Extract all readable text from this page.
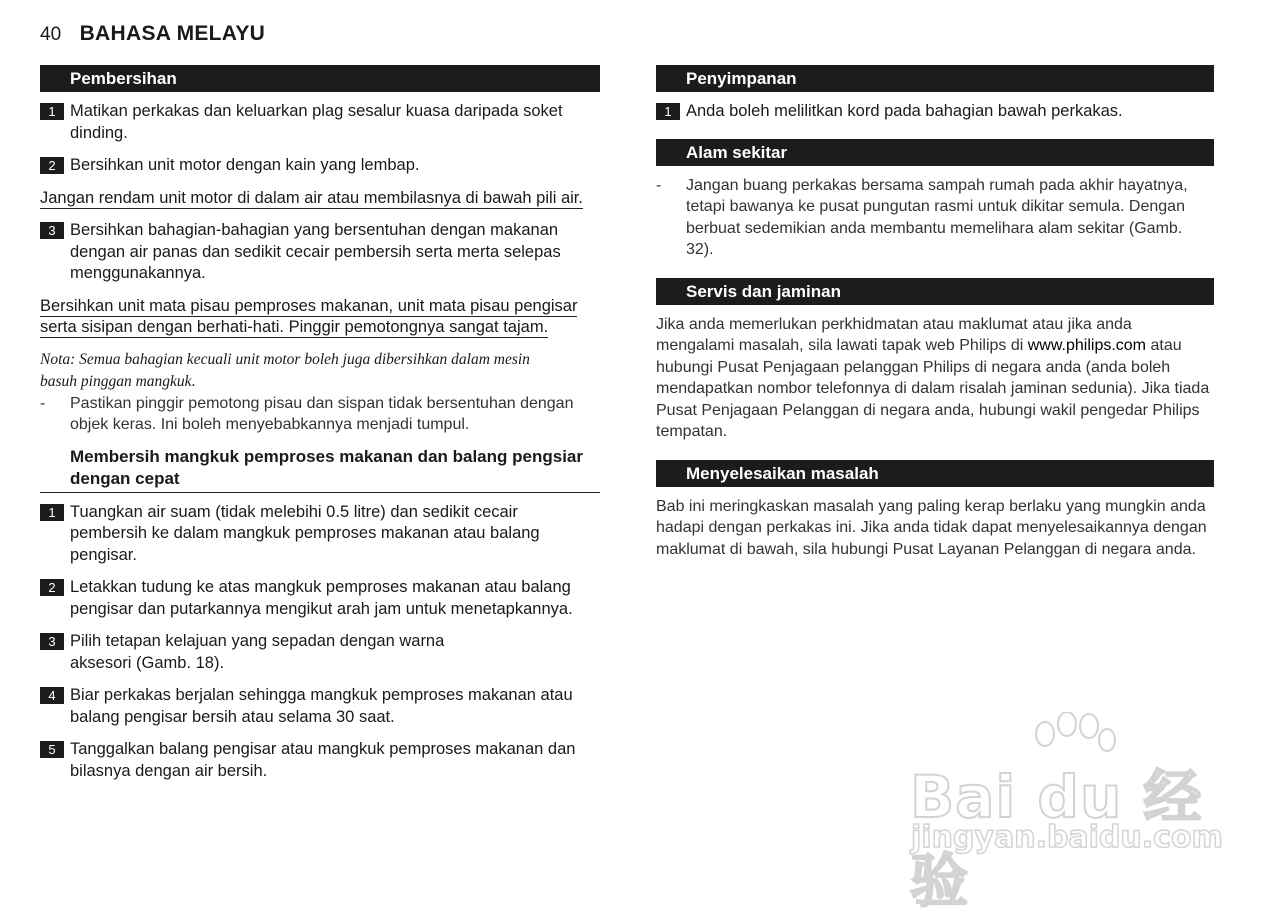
40 BAHASA MELAYU
Pembersihan
1 Matikan perkakas dan keluarkan plag sesalur kuasa daripada soket dinding.
2 Bersihkan unit motor dengan kain yang lembap.
Jangan rendam unit motor di dalam air atau membilasnya di bawah pili air.
3 Bersihkan bahagian-bahagian yang bersentuhan dengan makanan dengan air panas dan sedikit cecair pembersih serta merta selepas menggunakannya.
Bersihkan unit mata pisau pemproses makanan, unit mata pisau pengisar serta sisipan dengan berhati-hati. Pinggir pemotongnya sangat tajam.
Nota: Semua bahagian kecuali unit motor boleh juga dibersihkan dalam mesin basuh pinggan mangkuk.
- Pastikan pinggir pemotong pisau dan sispan tidak bersentuhan dengan objek keras. Ini boleh menyebabkannya menjadi tumpul.
Membersih mangkuk pemproses makanan dan balang pengsiar dengan cepat
1 Tuangkan air suam (tidak melebihi 0.5 litre) dan sedikit cecair pembersih ke dalam mangkuk pemproses makanan atau balang pengisar.
2 Letakkan tudung ke atas mangkuk pemproses makanan atau balang pengisar dan putarkannya mengikut arah jam untuk menetapkannya.
3 Pilih tetapan kelajuan yang sepadan dengan warna aksesori (Gamb. 18).
4 Biar perkakas berjalan sehingga mangkuk pemproses makanan atau balang pengisar bersih atau selama 30 saat.
5 Tanggalkan balang pengisar atau mangkuk pemproses makanan dan bilasnya dengan air bersih.
Penyimpanan
1 Anda boleh melilitkan kord pada bahagian bawah perkakas.
Alam sekitar
- Jangan buang perkakas bersama sampah rumah pada akhir hayatnya, tetapi bawanya ke pusat pungutan rasmi untuk dikitar semula. Dengan berbuat sedemikian anda membantu memelihara alam sekitar (Gamb. 32).
Servis dan jaminan
Jika anda memerlukan perkhidmatan atau maklumat atau jika anda mengalami masalah, sila lawati tapak web Philips di www.philips.com atau hubungi Pusat Penjagaan pelanggan Philips di negara anda (anda boleh mendapatkan nombor telefonnya di dalam risalah jaminan sedunia). Jika tiada Pusat Penjagaan Pelanggan di negara anda, hubungi wakil pengedar Philips tempatan.
Menyelesaikan masalah
Bab ini meringkaskan masalah yang paling kerap berlaku yang mungkin anda hadapi dengan perkakas ini. Jika anda tidak dapat menyelesaikannya dengan maklumat di bawah, sila hubungi Pusat Layanan Pelanggan di negara anda.
Bai du 经验
jingyan.baidu.com
